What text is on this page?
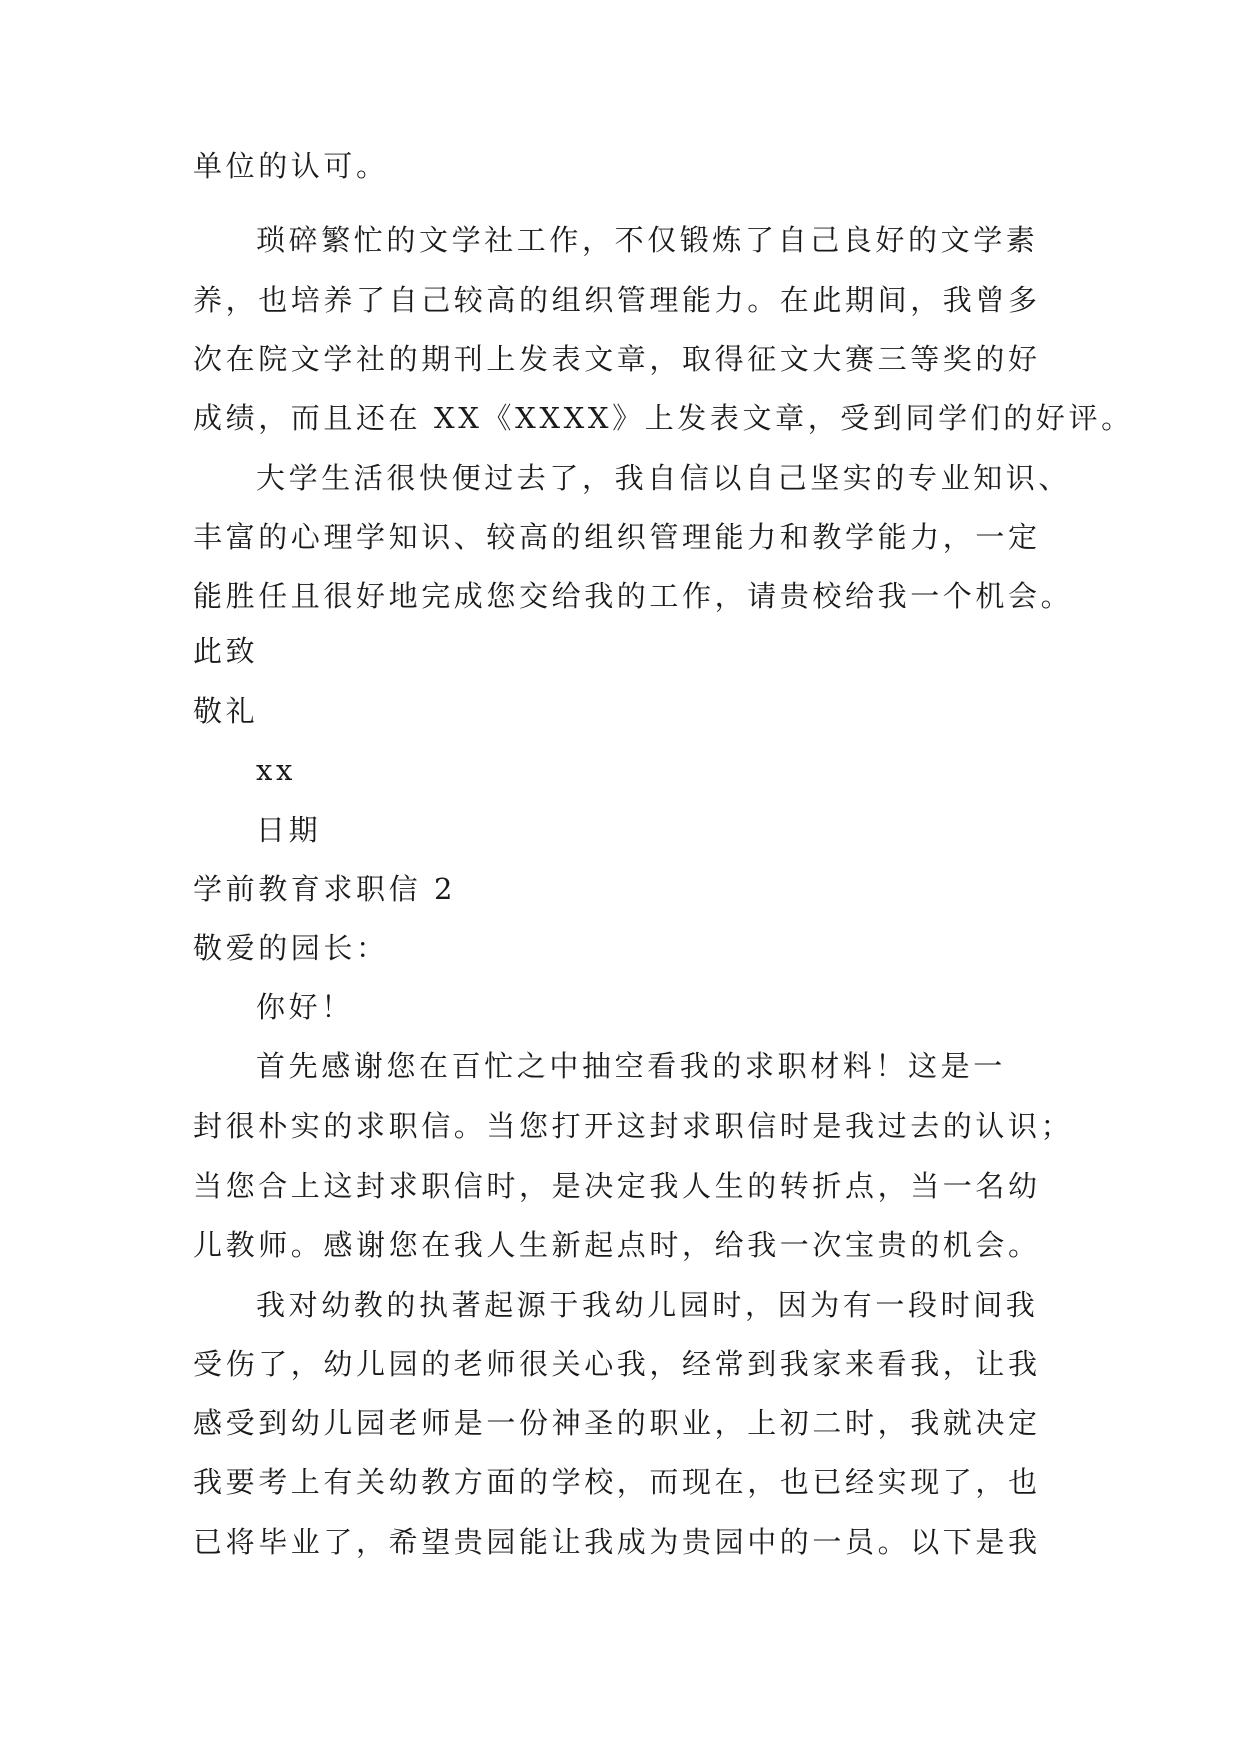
单位的认可。
琐碎繁忙的文学社工作，不仅锻炼了自己良好的文学素
养，也培养了自己较高的组织管理能力。在此期间，我曾多
次在院文学社的期刊上发表文章，取得征文大赛三等奖的好
成绩，而且还在 XX《XXXX》上发表文章，受到同学们的好评。
大学生活很快便过去了，我自信以自己坚实的专业知识、
丰富的心理学知识、较高的组织管理能力和教学能力，一定
能胜任且很好地完成您交给我的工作，请贵校给我一个机会。
此致
敬礼
xx
日期
学前教育求职信 2
敬爱的园长：
你好！
首先感谢您在百忙之中抽空看我的求职材料！这是一
封很朴实的求职信。当您打开这封求职信时是我过去的认识；
当您合上这封求职信时，是决定我人生的转折点，当一名幼
儿教师。感谢您在我人生新起点时，给我一次宝贵的机会。
我对幼教的执著起源于我幼儿园时，因为有一段时间我
受伤了，幼儿园的老师很关心我，经常到我家来看我，让我
感受到幼儿园老师是一份神圣的职业，上初二时，我就决定
我要考上有关幼教方面的学校，而现在，也已经实现了，也
已将毕业了，希望贵园能让我成为贵园中的一员。以下是我
